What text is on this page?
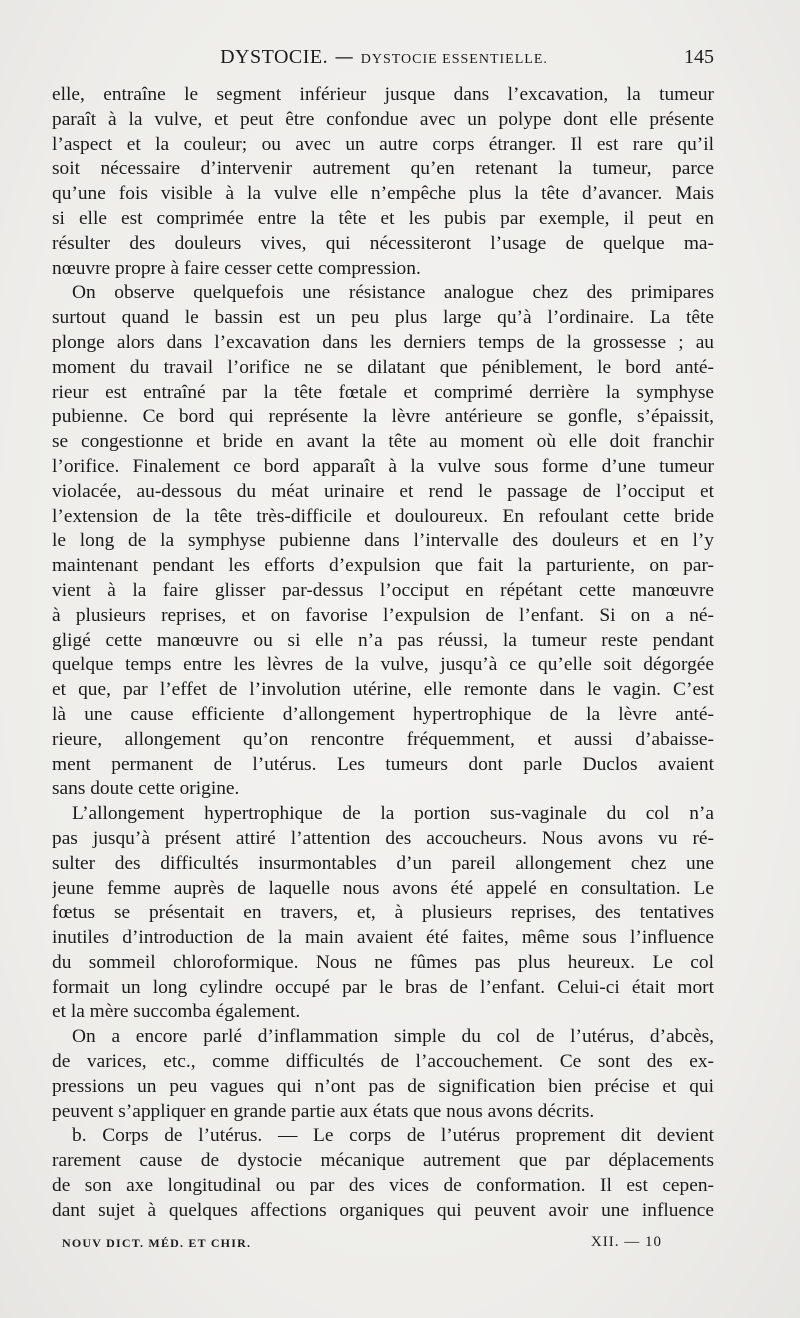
DYSTOCIE. — DYSTOCIE ESSENTIELLE.	145
elle, entraîne le segment inférieur jusque dans l’excavation, la tumeur
paraît à la vulve, et peut être confondue avec un polype dont elle présente
l’aspect et la couleur; ou avec un autre corps étranger. Il est rare qu’il
soit nécessaire d’intervenir autrement qu’en retenant la tumeur, parce
qu’une fois visible à la vulve elle n’empêche plus la tête d’avancer. Mais
si elle est comprimée entre la tête et les pubis par exemple, il peut en
résulter des douleurs vives, qui nécessiteront l’usage de quelque ma-
nœuvre propre à faire cesser cette compression.
On observe quelquefois une résistance analogue chez des primipares
surtout quand le bassin est un peu plus large qu’à l’ordinaire. La tête
plonge alors dans l’excavation dans les derniers temps de la grossesse ; au
moment du travail l’orifice ne se dilatant que péniblement, le bord anté-
rieur est entraîné par la tête fœtale et comprimé derrière la symphyse
pubienne. Ce bord qui représente la lèvre antérieure se gonfle, s’épaissit,
se congestionne et bride en avant la tête au moment où elle doit franchir
l’orifice. Finalement ce bord apparaît à la vulve sous forme d’une tumeur
violacée, au-dessous du méat urinaire et rend le passage de l’occiput et
l’extension de la tête très-difficile et douloureux. En refoulant cette bride
le long de la symphyse pubienne dans l’intervalle des douleurs et en l’y
maintenant pendant les efforts d’expulsion que fait la parturiente, on par-
vient à la faire glisser par-dessus l’occiput en répétant cette manœuvre
à plusieurs reprises, et on favorise l’expulsion de l’enfant. Si on a né-
gligé cette manœuvre ou si elle n’a pas réussi, la tumeur reste pendant
quelque temps entre les lèvres de la vulve, jusqu’à ce qu’elle soit dégorgée
et que, par l’effet de l’involution utérine, elle remonte dans le vagin. C’est
là une cause efficiente d’allongement hypertrophique de la lèvre anté-
rieure, allongement qu’on rencontre fréquemment, et aussi d’abaisse-
ment permanent de l’utérus. Les tumeurs dont parle Duclos avaient
sans doute cette origine.
L’allongement hypertrophique de la portion sus-vaginale du col n’a
pas jusqu’à présent attiré l’attention des accoucheurs. Nous avons vu ré-
sulter des difficultés insurmontables d’un pareil allongement chez une
jeune femme auprès de laquelle nous avons été appelé en consultation. Le
fœtus se présentait en travers, et, à plusieurs reprises, des tentatives
inutiles d’introduction de la main avaient été faites, même sous l’influence
du sommeil chloroformique. Nous ne fûmes pas plus heureux. Le col
formait un long cylindre occupé par le bras de l’enfant. Celui-ci était mort
et la mère succomba également.
On a encore parlé d’inflammation simple du col de l’utérus, d’abcès,
de varices, etc., comme difficultés de l’accouchement. Ce sont des ex-
pressions un peu vagues qui n’ont pas de signification bien précise et qui
peuvent s’appliquer en grande partie aux états que nous avons décrits.
b. Corps de l’utérus. — Le corps de l’utérus proprement dit devient
rarement cause de dystocie mécanique autrement que par déplacements
de son axe longitudinal ou par des vices de conformation. Il est cepen-
dant sujet à quelques affections organiques qui peuvent avoir une influence
NOUV DICT. MÉD. ET CHIR.	XII. — 10
